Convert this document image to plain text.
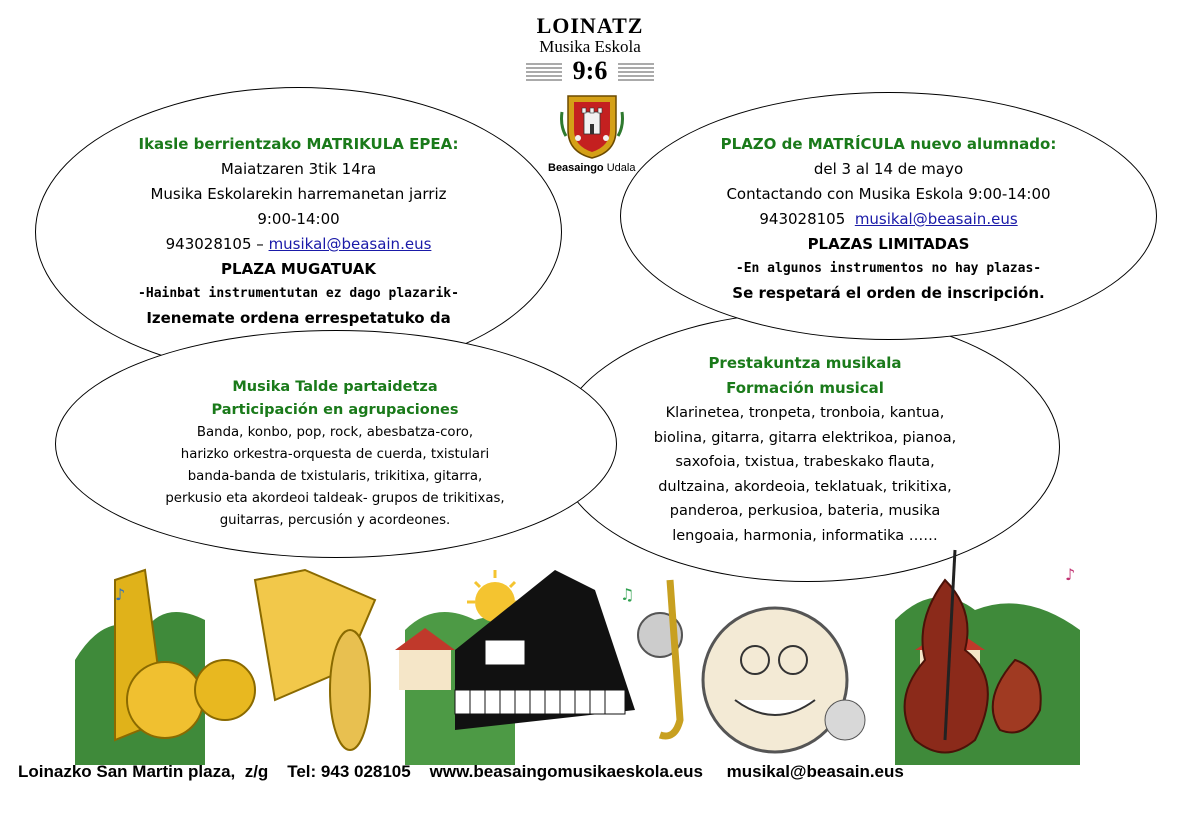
LOINATZ
Musika Eskola
9:6
Beasaingo Udala
Ikasle berrientzako MATRIKULA EPEA:
Maiatzaren 3tik 14ra
Musika Eskolarekin harremanetan jarriz
9:00-14:00
943028105 – musikal@beasain.eus
PLAZA MUGATUAK
-Hainbat instrumentutan ez dago plazarik-
Izenemate ordena errespetatuko da
PLAZO de MATRÍCULA nuevo alumnado:
del 3 al 14 de mayo
Contactando con Musika Eskola 9:00-14:00
943028105 musikal@beasain.eus
PLAZAS LIMITADAS
-En algunos instrumentos no hay plazas-
Se respetará el orden de inscripción.
Prestakuntza musikala
Formación musical
Klarinetea, tronpeta, tronboia, kantua,
biolina, gitarra, gitarra elektrikoa, pianoa,
saxofoia, txistua, trabeskako flauta,
dultzaina, akordeoia, teklatuak, trikitixa,
panderoa, perkusioa, bateria, musika
lengoaia, harmonia, informatika ……
Musika Talde partaidetza
Participación en agrupaciones
Banda, konbo, pop, rock, abesbatza-coro,
harizko orkestra-orquesta de cuerda, txistulari
banda-banda de txistularis, trikitixa, gitarra,
perkusio eta akordeoi taldeak- grupos de trikitixas,
guitarras, percusión y acordeones.
♪	♫
♪
Loinazko San Martin plaza,  z/g Tel: 943 028105 www.beasaingomusikaeskola.eus musikal@beasain.eus
